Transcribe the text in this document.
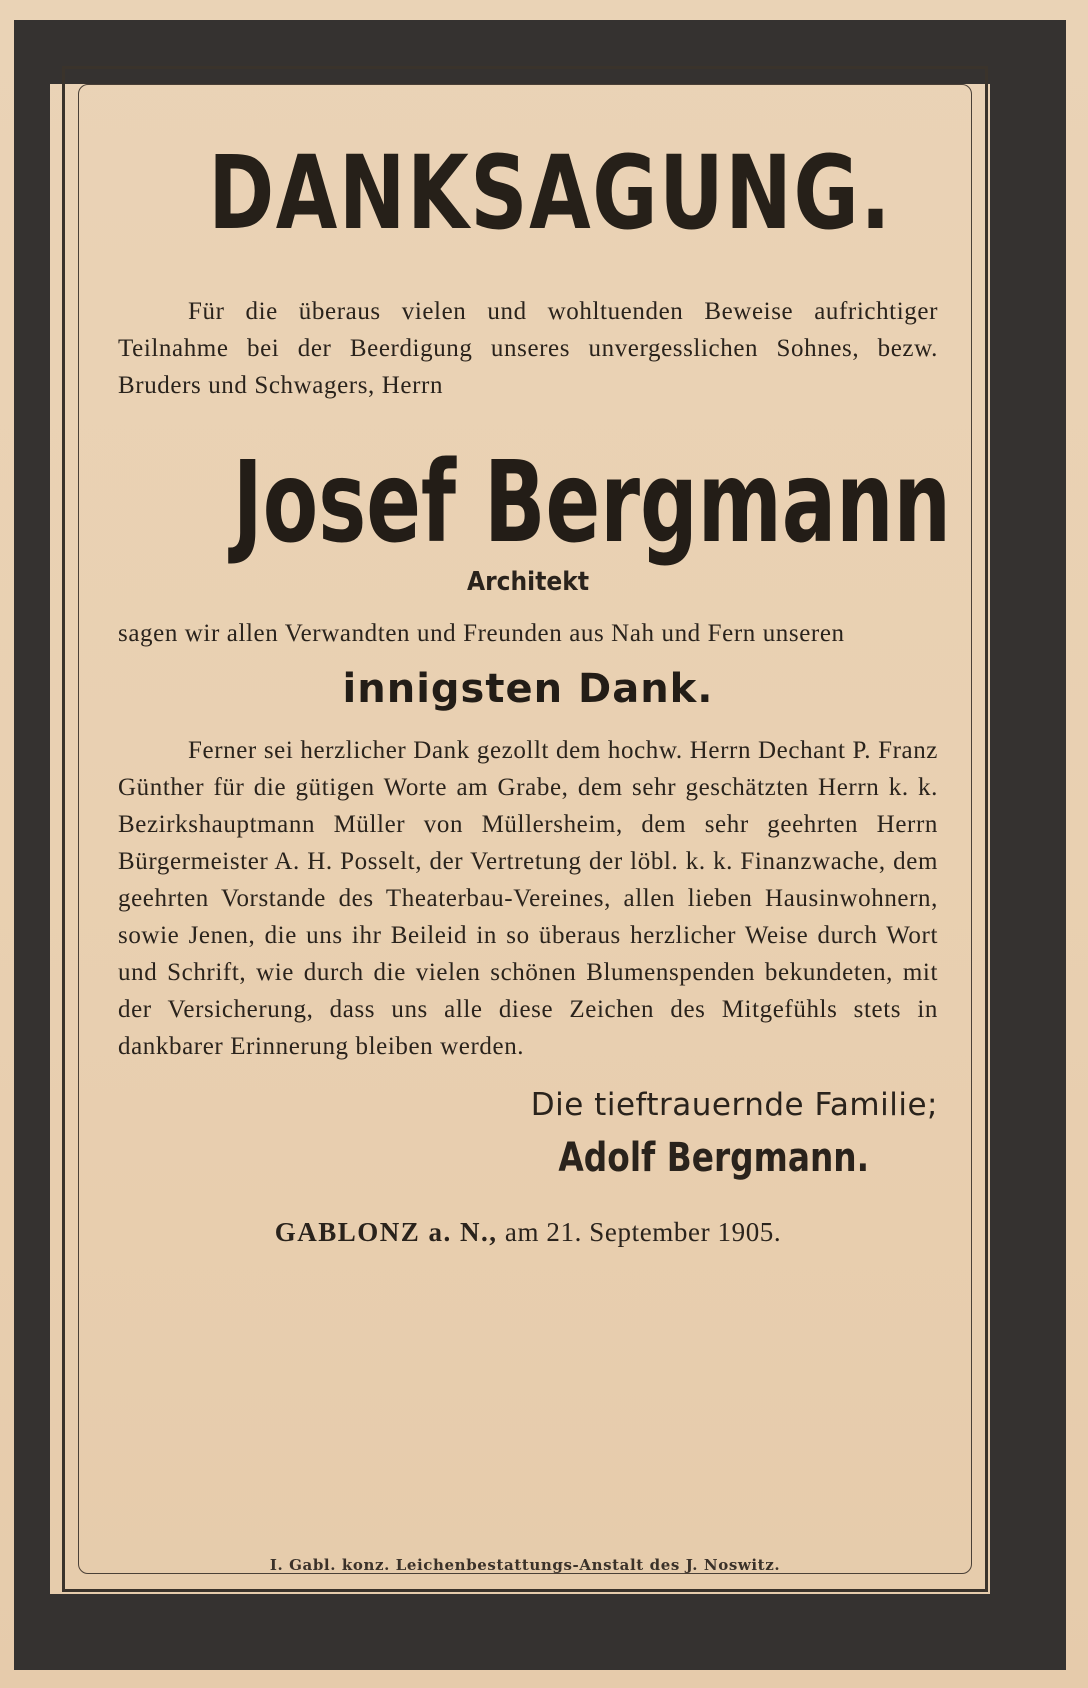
DANKSAGUNG.

Für die überaus vielen und wohltuenden Beweise aufrichtiger Teilnahme bei der Beerdigung unseres unvergesslichen Sohnes, bezw. Bruders und Schwagers, Herrn

Josef Bergmann

Architekt

sagen wir allen Verwandten und Freunden aus Nah und Fern unseren

innigsten Dank.

Ferner sei herzlicher Dank gezollt dem hochw. Herrn Dechant P. Franz Günther für die gütigen Worte am Grabe, dem sehr geschätzten Herrn k. k. Bezirkshauptmann Müller von Müllersheim, dem sehr geehrten Herrn Bürgermeister A. H. Posselt, der Vertretung der löbl. k. k. Finanzwache, dem geehrten Vorstande des Theaterbau-Vereines, allen lieben Hausinwohnern, sowie Jenen, die uns ihr Beileid in so überaus herzlicher Weise durch Wort und Schrift, wie durch die vielen schönen Blumenspenden bekundeten, mit der Versicherung, dass uns alle diese Zeichen des Mitgefühls stets in dankbarer Erinnerung bleiben werden.

Die tieftrauernde Familie;

Adolf Bergmann.

GABLONZ a. N., am 21. September 1905.

I. Gabl. konz. Leichenbestattungs-Anstalt des J. Noswitz.
